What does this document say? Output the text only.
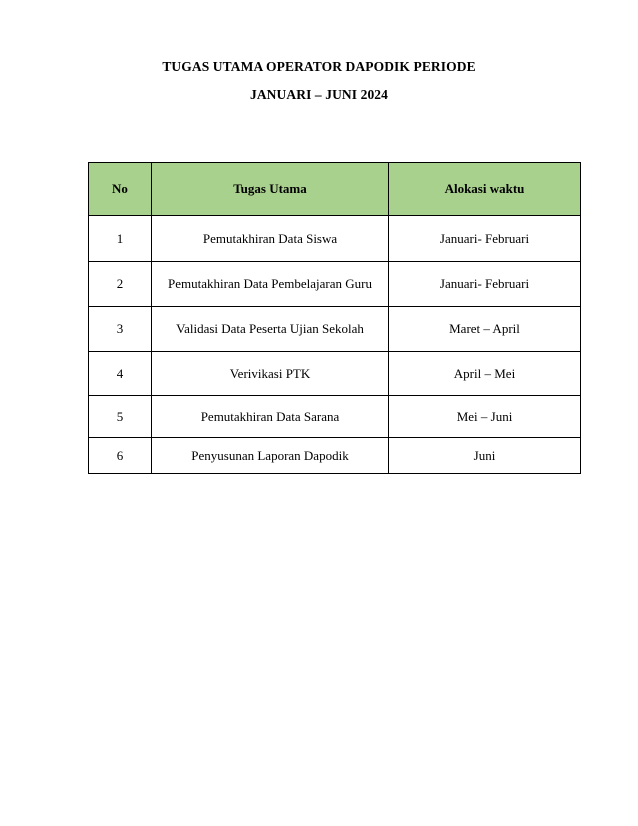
TUGAS UTAMA OPERATOR DAPODIK PERIODE
JANUARI – JUNI 2024
No	Tugas Utama	Alokasi waktu
1	Pemutakhiran Data Siswa	Januari- Februari
2	Pemutakhiran Data Pembelajaran Guru	Januari- Februari
3	Validasi Data Peserta Ujian Sekolah	Maret – April
4	Verivikasi PTK	April – Mei
5	Pemutakhiran Data Sarana	Mei – Juni
6	Penyusunan Laporan Dapodik	Juni
